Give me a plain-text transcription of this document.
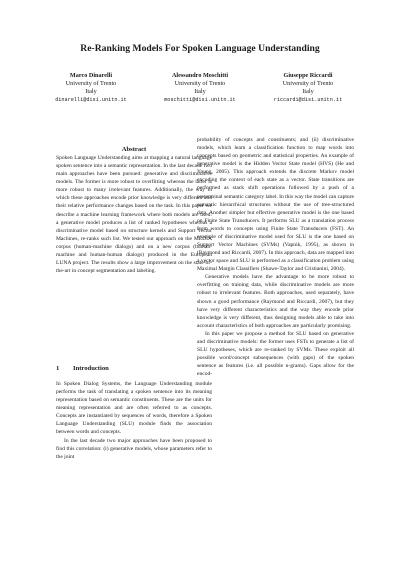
Re-Ranking Models For Spoken Language Understanding
Marco Dinarelli
University of Trento
Italy
dinarelli@disi.unitn.it
Alessandro Moschitti
University of Trento
Italy
moschitti@disi.unitn.it
Giuseppe Riccardi
University of Trento
Italy
riccardi@disi.unitn.it
Abstract

Spoken Language Understanding aims at mapping a natural language spoken sentence into a semantic representation. In the last decade two main approaches have been pursued: generative and discriminative models. The former is more robust to overfitting whereas the latter is more robust to many irrelevant features. Additionally, the way in which these approaches encode prior knowledge is very different and their relative performance changes based on the task. In this paper we describe a machine learning framework where both models are used: a generative model produces a list of ranked hypotheses whereas a discriminative model based on structure kernels and Support Vector Machines, re-ranks such list. We tested our approach on the MEDIA corpus (human-machine dialogs) and on a new corpus (human-machine and human-human dialogs) produced in the European LUNA project. The results show a large improvement on the state-of-the-art in concept segmentation and labeling.

1 Introduction

In Spoken Dialog Systems, the Language Understanding module performs the task of translating a spoken sentence into its meaning representation based on semantic constituents. These are the units for meaning representation and are often referred to as concepts. Concepts are instantiated by sequences of words, therefore a Spoken Language Understanding (SLU) module finds the association between words and concepts.

In the last decade two major approaches have been proposed to find this correlation: (i) generative models, whose parameters refer to the joint

probability of concepts and constituents; and (ii) discriminative models, which learn a classification function to map words into concepts based on geometric and statistical properties. An example of generative model is the Hidden Vector State model (HVS) (He and Young, 2005). This approach extends the discrete Markov model encoding the context of each state as a vector. State transitions are performed as stack shift operations followed by a push of a preterminal semantic category label. In this way the model can capture semantic hierarchical structures without the use of tree-structured data. Another simpler but effective generative model is the one based on Finite State Transducers. It performs SLU as a translation process from words to concepts using Finite State Transducers (FST). An example of discriminative model used for SLU is the one based on Support Vector Machines (SVMs) (Vapnik, 1995), as shown in (Raymond and Riccardi, 2007). In this approach, data are mapped into a vector space and SLU is performed as a classification problem using Maximal Margin Classifiers (Shawe-Taylor and Cristianini, 2004).

Generative models have the advantage to be more robust to overfitting on training data, while discriminative models are more robust to irrelevant features. Both approaches, used separately, have shown a good performance (Raymond and Riccardi, 2007), but they have very different characteristics and the way they encode prior knowledge is very different, thus designing models able to take into account characteristics of both approaches are particularly promising.

In this paper we propose a method for SLU based on generative and discriminative models: the former uses FSTs to generate a list of SLU hypotheses, which are re-ranked by SVMs. These exploit all possible word/concept subsequences (with gaps) of the spoken sentence as features (i.e. all possible n-grams). Gaps allow for the encod-
